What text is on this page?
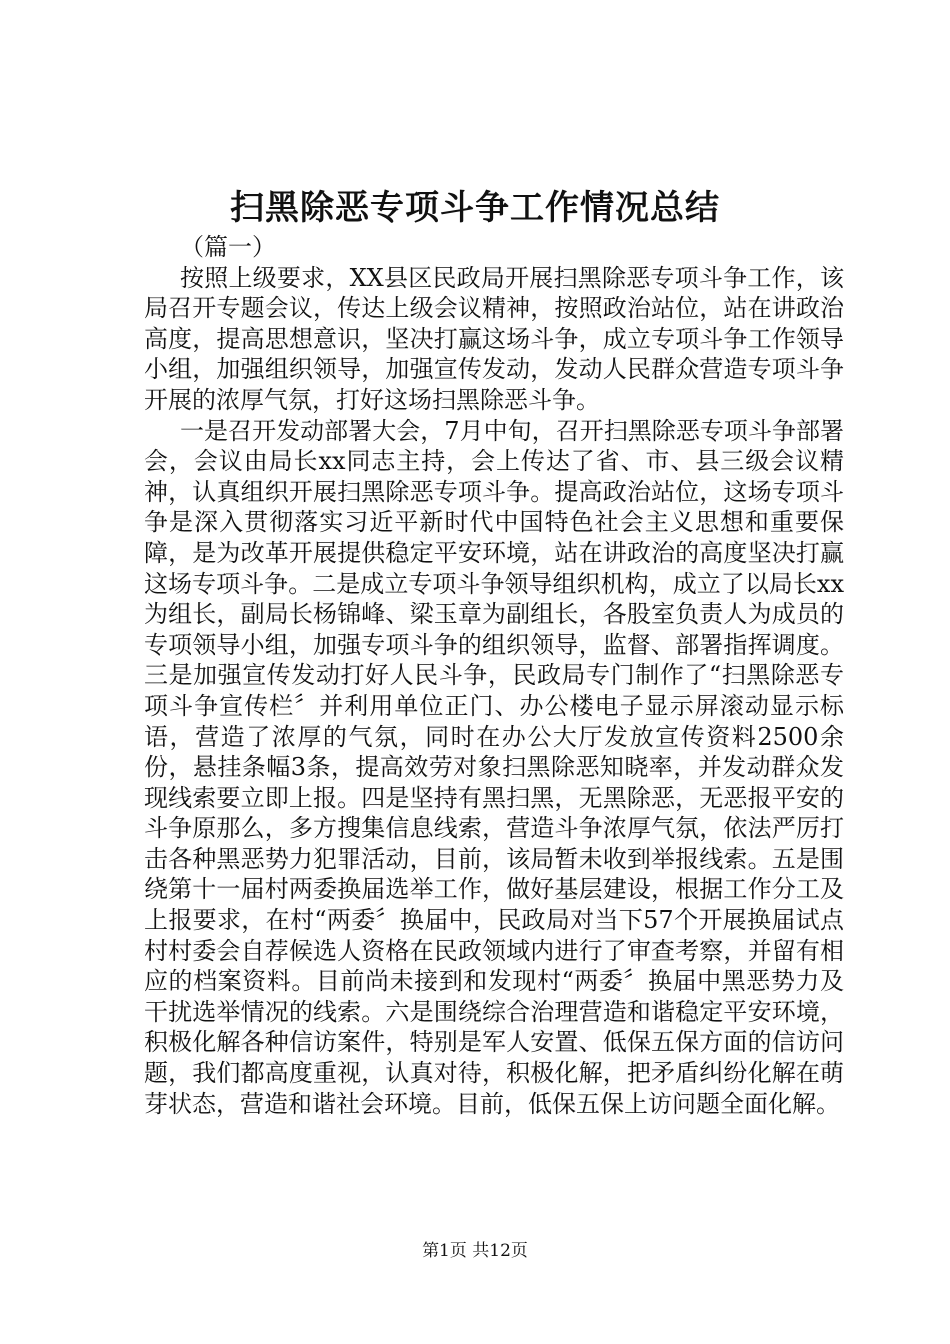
扫黑除恶专项斗争工作情况总结

（篇一）

按照上级要求，XX县区民政局开展扫黑除恶专项斗争工作，该局召开专题会议，传达上级会议精神，按照政治站位，站在讲政治高度，提高思想意识，坚决打赢这场斗争，成立专项斗争工作领导小组，加强组织领导，加强宣传发动，发动人民群众营造专项斗争开展的浓厚气氛，打好这场扫黑除恶斗争。

一是召开发动部署大会，7月中旬，召开扫黑除恶专项斗争部署会，会议由局长xx同志主持，会上传达了省、市、县三级会议精神，认真组织开展扫黑除恶专项斗争。提高政治站位，这场专项斗争是深入贯彻落实习近平新时代中国特色社会主义思想和重要保障，是为改革开展提供稳定平安环境，站在讲政治的高度坚决打赢这场专项斗争。二是成立专项斗争领导组织机构，成立了以局长xx为组长，副局长杨锦峰、梁玉章为副组长，各股室负责人为成员的专项领导小组，加强专项斗争的组织领导，监督、部署指挥调度。三是加强宣传发动打好人民斗争，民政局专门制作了“扫黑除恶专项斗争宣传栏〞并利用单位正门、办公楼电子显示屏滚动显示标语，营造了浓厚的气氛，同时在办公大厅发放宣传资料2500余份，悬挂条幅3条，提高效劳对象扫黑除恶知晓率，并发动群众发现线索要立即上报。四是坚持有黑扫黑，无黑除恶，无恶报平安的斗争原那么，多方搜集信息线索，营造斗争浓厚气氛，依法严厉打击各种黑恶势力犯罪活动，目前，该局暂未收到举报线索。五是围绕第十一届村两委换届选举工作，做好基层建设，根据工作分工及上报要求，在村“两委〞换届中，民政局对当下57个开展换届试点村村委会自荐候选人资格在民政领域内进行了审查考察，并留有相应的档案资料。目前尚未接到和发现村“两委〞换届中黑恶势力及干扰选举情况的线索。六是围绕综合治理营造和谐稳定平安环境，积极化解各种信访案件，特别是军人安置、低保五保方面的信访问题，我们都高度重视，认真对待，积极化解，把矛盾纠纷化解在萌芽状态，营造和谐社会环境。目前，低保五保上访问题全面化解。

第1页 共12页
